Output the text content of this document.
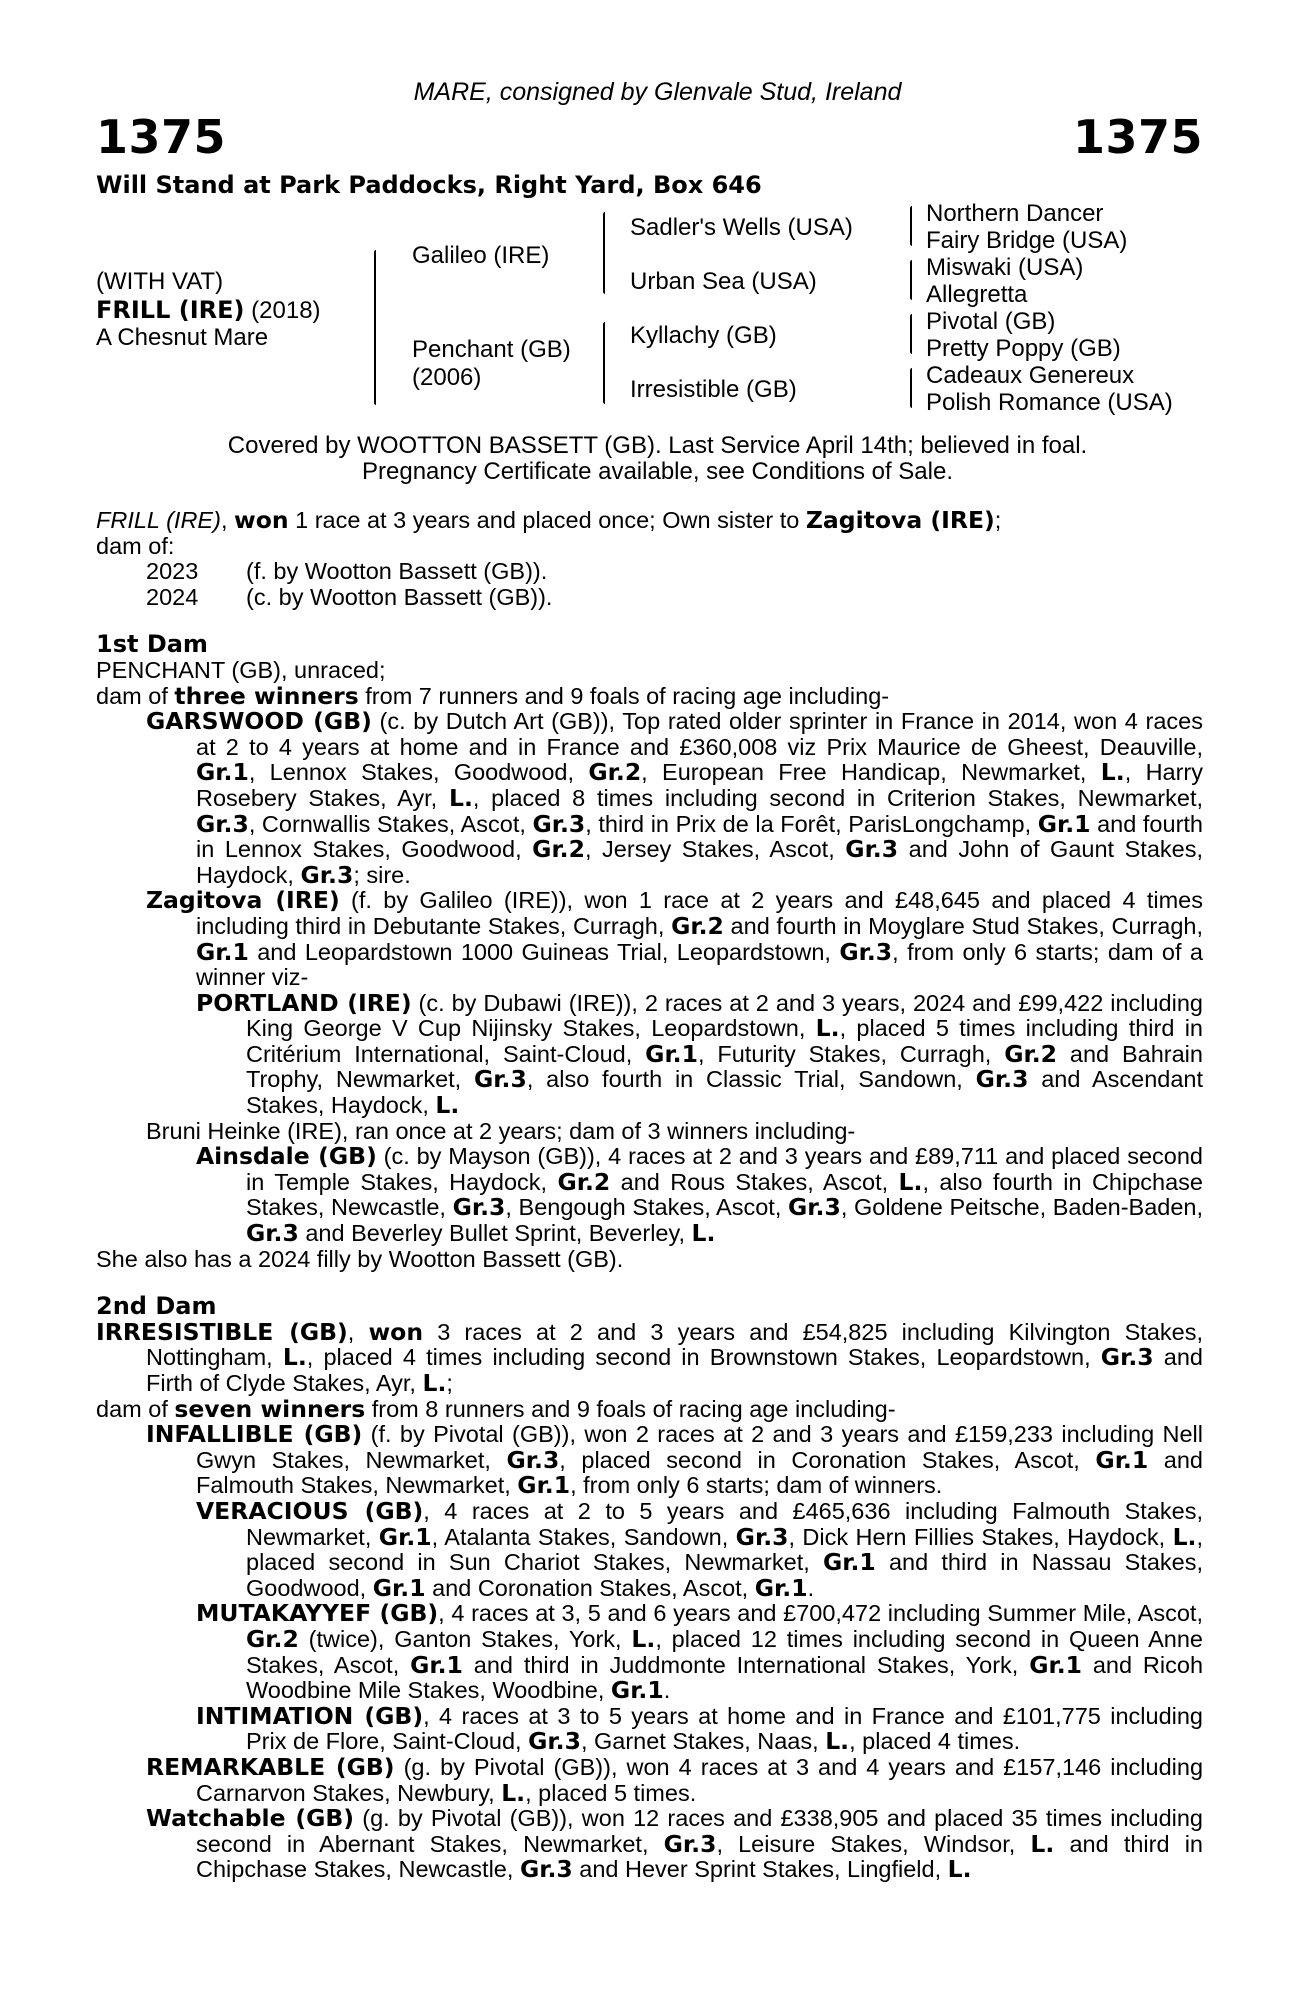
MARE, consigned by Glenvale Stud, Ireland
1375	1375
Will Stand at Park Paddocks, Right Yard, Box 646
(WITH VAT)
FRILL (IRE) (2018)
A Chesnut Mare
Galileo (IRE)
Penchant (GB)
(2006)
Sadler's Wells (USA)
Urban Sea (USA)
Kyllachy (GB)
Irresistible (GB)
Northern Dancer
Fairy Bridge (USA)
Miswaki (USA)
Allegretta
Pivotal (GB)
Pretty Poppy (GB)
Cadeaux Genereux
Polish Romance (USA)
Covered by WOOTTON BASSETT (GB). Last Service April 14th; believed in foal.
Pregnancy Certificate available, see Conditions of Sale.

FRILL (IRE), won 1 race at 3 years and placed once; Own sister to Zagitova (IRE);

dam of:

2023 (f. by Wootton Bassett (GB)).

2024 (c. by Wootton Bassett (GB)).

1st Dam

PENCHANT (GB), unraced;

dam of three winners from 7 runners and 9 foals of racing age including-

GARSWOOD (GB) (c. by Dutch Art (GB)), Top rated older sprinter in France in 2014, won 4 races at 2 to 4 years at home and in France and £360,008 viz Prix Maurice de Gheest, Deauville, Gr.1, Lennox Stakes, Goodwood, Gr.2, European Free Handicap, Newmarket, L., Harry Rosebery Stakes, Ayr, L., placed 8 times including second in Criterion Stakes, Newmarket, Gr.3, Cornwallis Stakes, Ascot, Gr.3, third in Prix de la Forêt, ParisLongchamp, Gr.1 and fourth in Lennox Stakes, Goodwood, Gr.2, Jersey Stakes, Ascot, Gr.3 and John of Gaunt Stakes, Haydock, Gr.3; sire.

Zagitova (IRE) (f. by Galileo (IRE)), won 1 race at 2 years and £48,645 and placed 4 times including third in Debutante Stakes, Curragh, Gr.2 and fourth in Moyglare Stud Stakes, Curragh, Gr.1 and Leopardstown 1000 Guineas Trial, Leopardstown, Gr.3, from only 6 starts; dam of a winner viz-

PORTLAND (IRE) (c. by Dubawi (IRE)), 2 races at 2 and 3 years, 2024 and £99,422 including King George V Cup Nijinsky Stakes, Leopardstown, L., placed 5 times including third in Critérium International, Saint-Cloud, Gr.1, Futurity Stakes, Curragh, Gr.2 and Bahrain Trophy, Newmarket, Gr.3, also fourth in Classic Trial, Sandown, Gr.3 and Ascendant Stakes, Haydock, L.

Bruni Heinke (IRE), ran once at 2 years; dam of 3 winners including-

Ainsdale (GB) (c. by Mayson (GB)), 4 races at 2 and 3 years and £89,711 and placed second in Temple Stakes, Haydock, Gr.2 and Rous Stakes, Ascot, L., also fourth in Chipchase Stakes, Newcastle, Gr.3, Bengough Stakes, Ascot, Gr.3, Goldene Peitsche, Baden-Baden, Gr.3 and Beverley Bullet Sprint, Beverley, L.

She also has a 2024 filly by Wootton Bassett (GB).

2nd Dam

IRRESISTIBLE (GB), won 3 races at 2 and 3 years and £54,825 including Kilvington Stakes, Nottingham, L., placed 4 times including second in Brownstown Stakes, Leopardstown, Gr.3 and Firth of Clyde Stakes, Ayr, L.;

dam of seven winners from 8 runners and 9 foals of racing age including-

INFALLIBLE (GB) (f. by Pivotal (GB)), won 2 races at 2 and 3 years and £159,233 including Nell Gwyn Stakes, Newmarket, Gr.3, placed second in Coronation Stakes, Ascot, Gr.1 and Falmouth Stakes, Newmarket, Gr.1, from only 6 starts; dam of winners.

VERACIOUS (GB), 4 races at 2 to 5 years and £465,636 including Falmouth Stakes, Newmarket, Gr.1, Atalanta Stakes, Sandown, Gr.3, Dick Hern Fillies Stakes, Haydock, L., placed second in Sun Chariot Stakes, Newmarket, Gr.1 and third in Nassau Stakes, Goodwood, Gr.1 and Coronation Stakes, Ascot, Gr.1.

MUTAKAYYEF (GB), 4 races at 3, 5 and 6 years and £700,472 including Summer Mile, Ascot, Gr.2 (twice), Ganton Stakes, York, L., placed 12 times including second in Queen Anne Stakes, Ascot, Gr.1 and third in Juddmonte International Stakes, York, Gr.1 and Ricoh Woodbine Mile Stakes, Woodbine, Gr.1.

INTIMATION (GB), 4 races at 3 to 5 years at home and in France and £101,775 including Prix de Flore, Saint-Cloud, Gr.3, Garnet Stakes, Naas, L., placed 4 times.

REMARKABLE (GB) (g. by Pivotal (GB)), won 4 races at 3 and 4 years and £157,146 including Carnarvon Stakes, Newbury, L., placed 5 times.

Watchable (GB) (g. by Pivotal (GB)), won 12 races and £338,905 and placed 35 times including second in Abernant Stakes, Newmarket, Gr.3, Leisure Stakes, Windsor, L. and third in Chipchase Stakes, Newcastle, Gr.3 and Hever Sprint Stakes, Lingfield, L.
